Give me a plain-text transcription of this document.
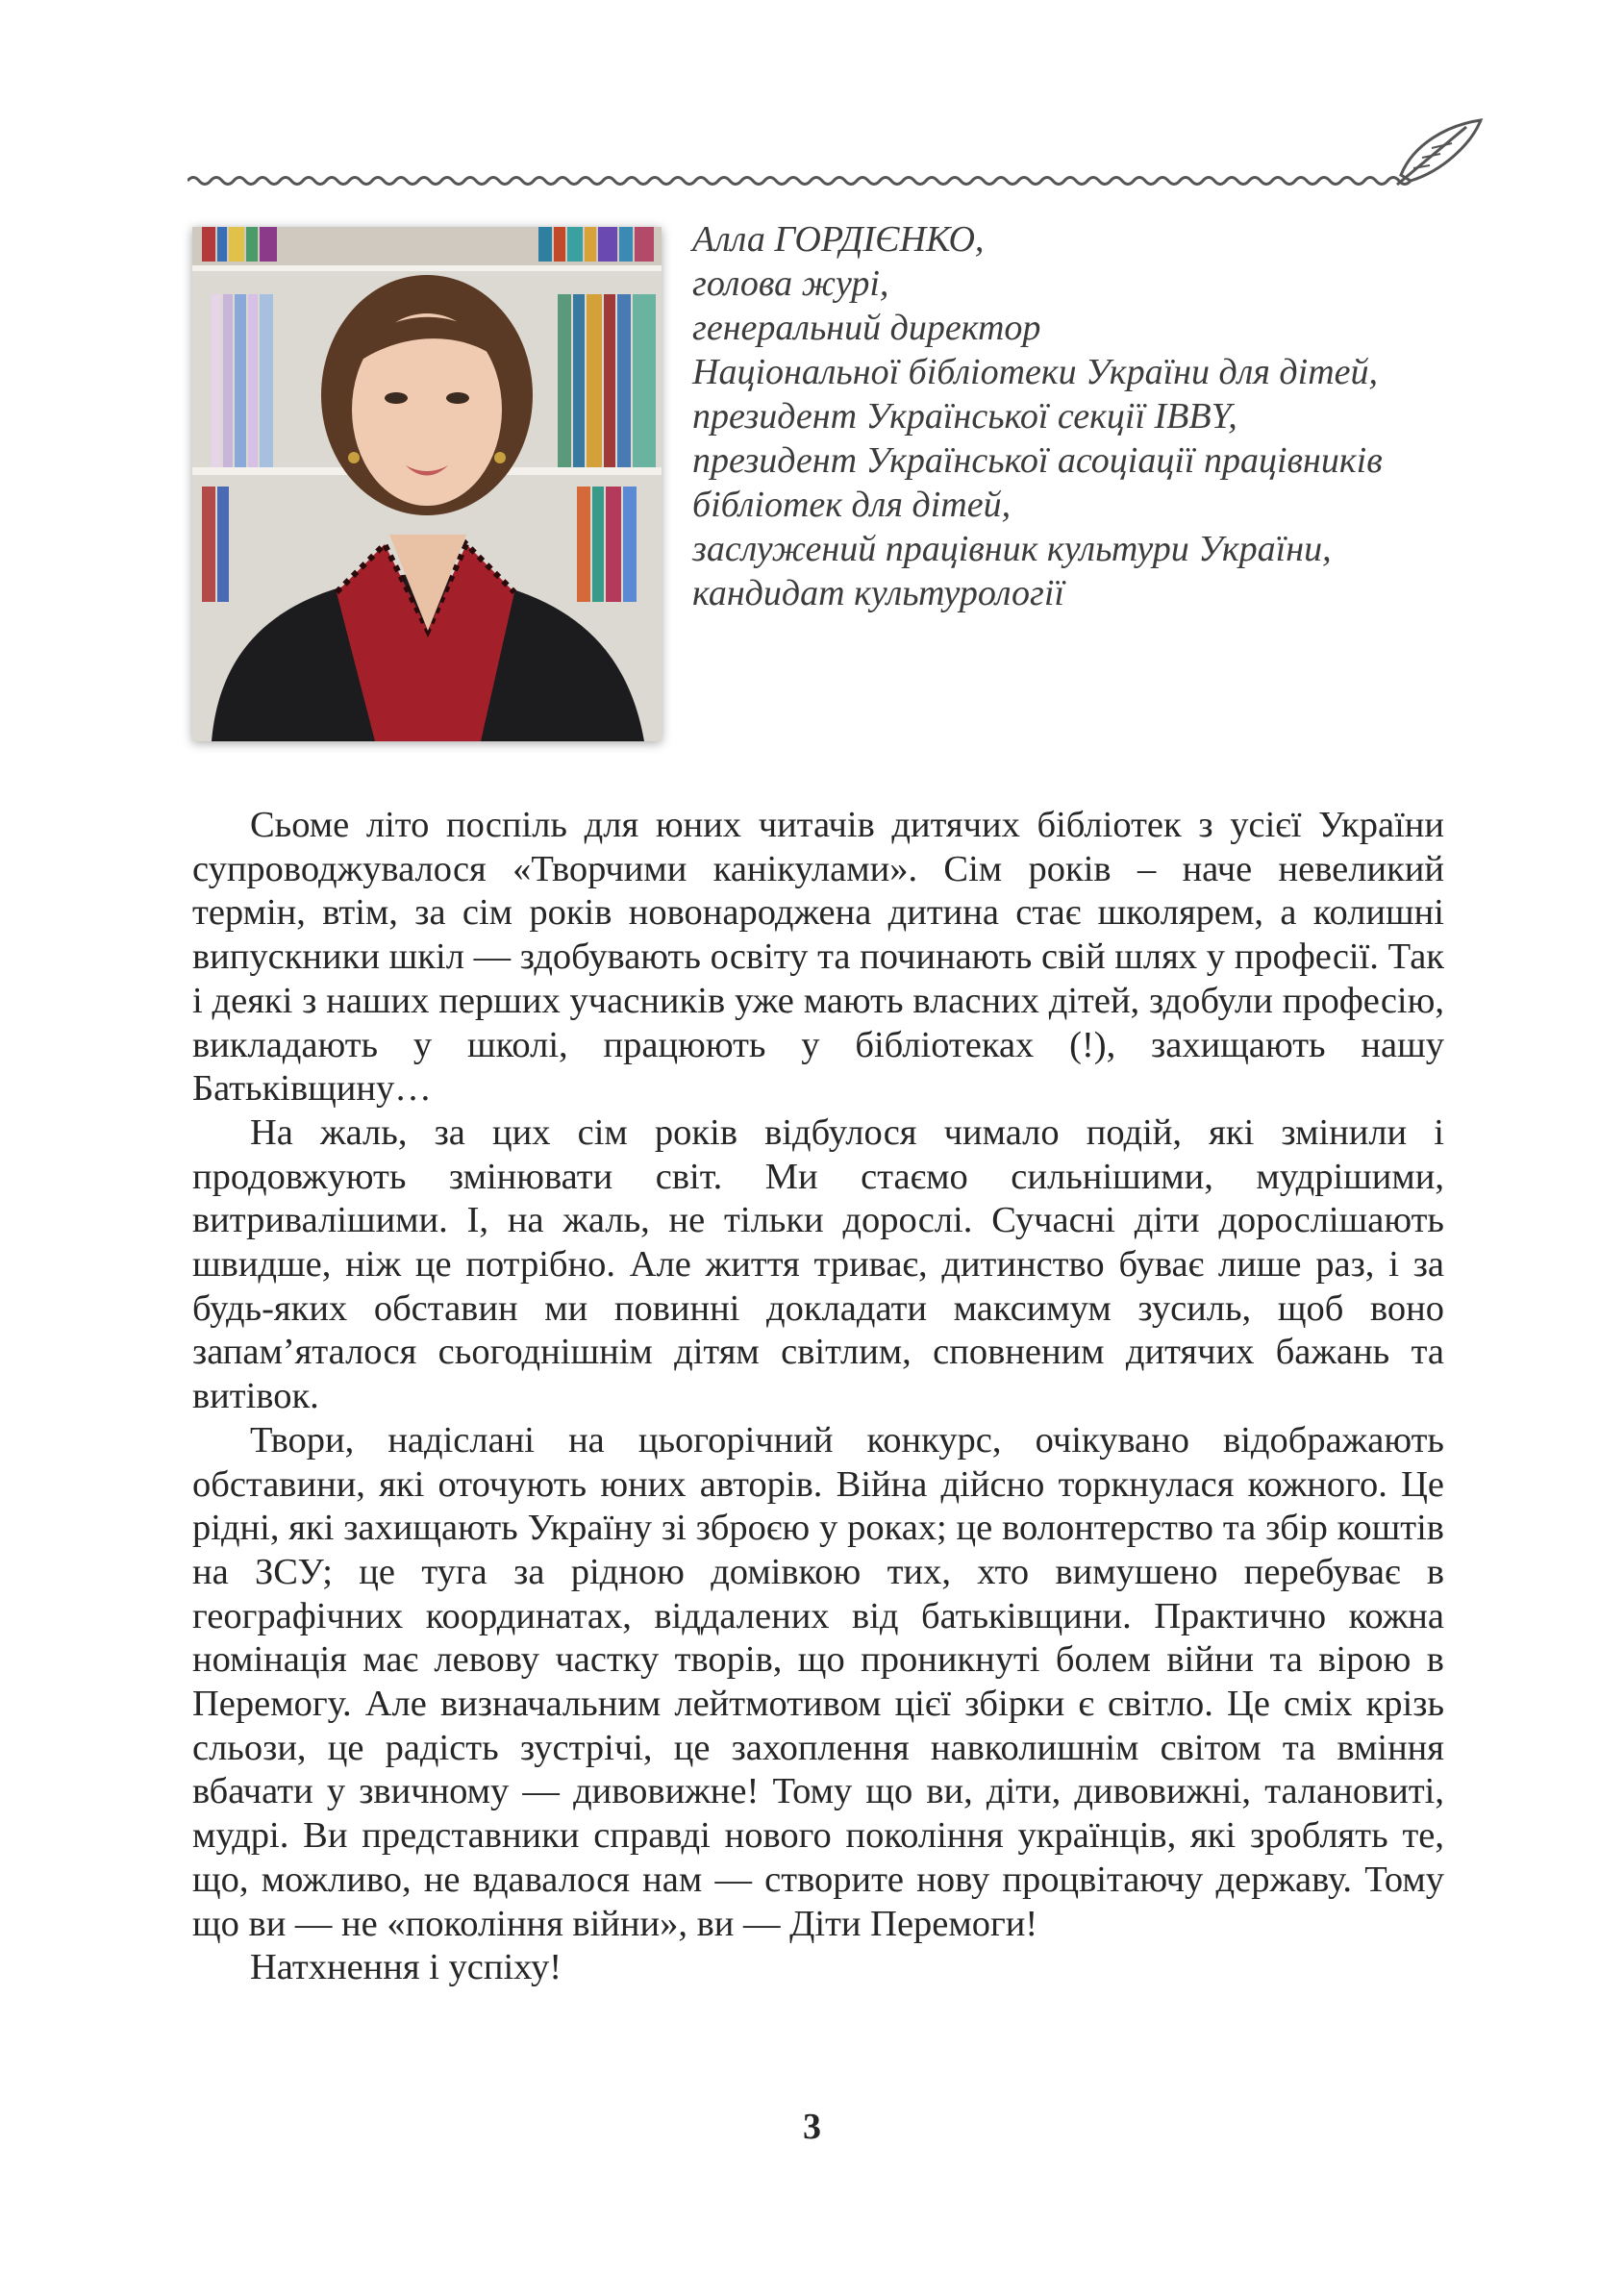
Алла ГОРДІЄНКО,
голова журі,
генеральний директор
Національної бібліотеки України для дітей,
президент Української секції IBBY,
президент Української асоціації працівників
бібліотек для дітей,
заслужений працівник культури України,
кандидат культурології

Сьоме літо поспіль для юних читачів дитячих бібліотек з усієї України супроводжувалося «Творчими канікулами». Сім років – наче невеликий термін, втім, за сім років новонароджена дитина стає школярем, а колишні випускники шкіл — здобувають освіту та починають свій шлях у професії. Так і деякі з наших перших учасників уже мають власних дітей, здобули професію, викладають у школі, працюють у бібліотеках (!), захищають нашу Батьківщину…

На жаль, за цих сім років відбулося чимало подій, які змінили і продовжують змінювати світ. Ми стаємо сильнішими, мудрішими, витривалішими. І, на жаль, не тільки дорослі. Сучасні діти дорослішають швидше, ніж це потрібно. Але життя триває, дитинство буває лише раз, і за будь-яких обставин ми повинні докладати максимум зусиль, щоб воно запам’яталося сьогоднішнім дітям світлим, сповненим дитячих бажань та витівок.

Твори, надіслані на цьогорічний конкурс, очікувано відображають обставини, які оточують юних авторів. Війна дійсно торкнулася кожного. Це рідні, які захищають Україну зі зброєю у роках; це волонтерство та збір коштів на ЗСУ; це туга за рідною домівкою тих, хто вимушено перебуває в географічних координатах, віддалених від батьківщини. Практично кожна номінація має левову частку творів, що проникнуті болем війни та вірою в Перемогу. Але визначальним лейтмотивом цієї збірки є світло. Це сміх крізь сльози, це радість зустрічі, це захоплення навколишнім світом та вміння вбачати у звичному — дивовижне! Тому що ви, діти, дивовижні, талановиті, мудрі. Ви представники справді нового покоління українців, які зроблять те, що, можливо, не вдавалося нам — створите нову процвітаючу державу. Тому що ви — не «покоління війни», ви — Діти Перемоги!

Натхнення і успіху!

3
